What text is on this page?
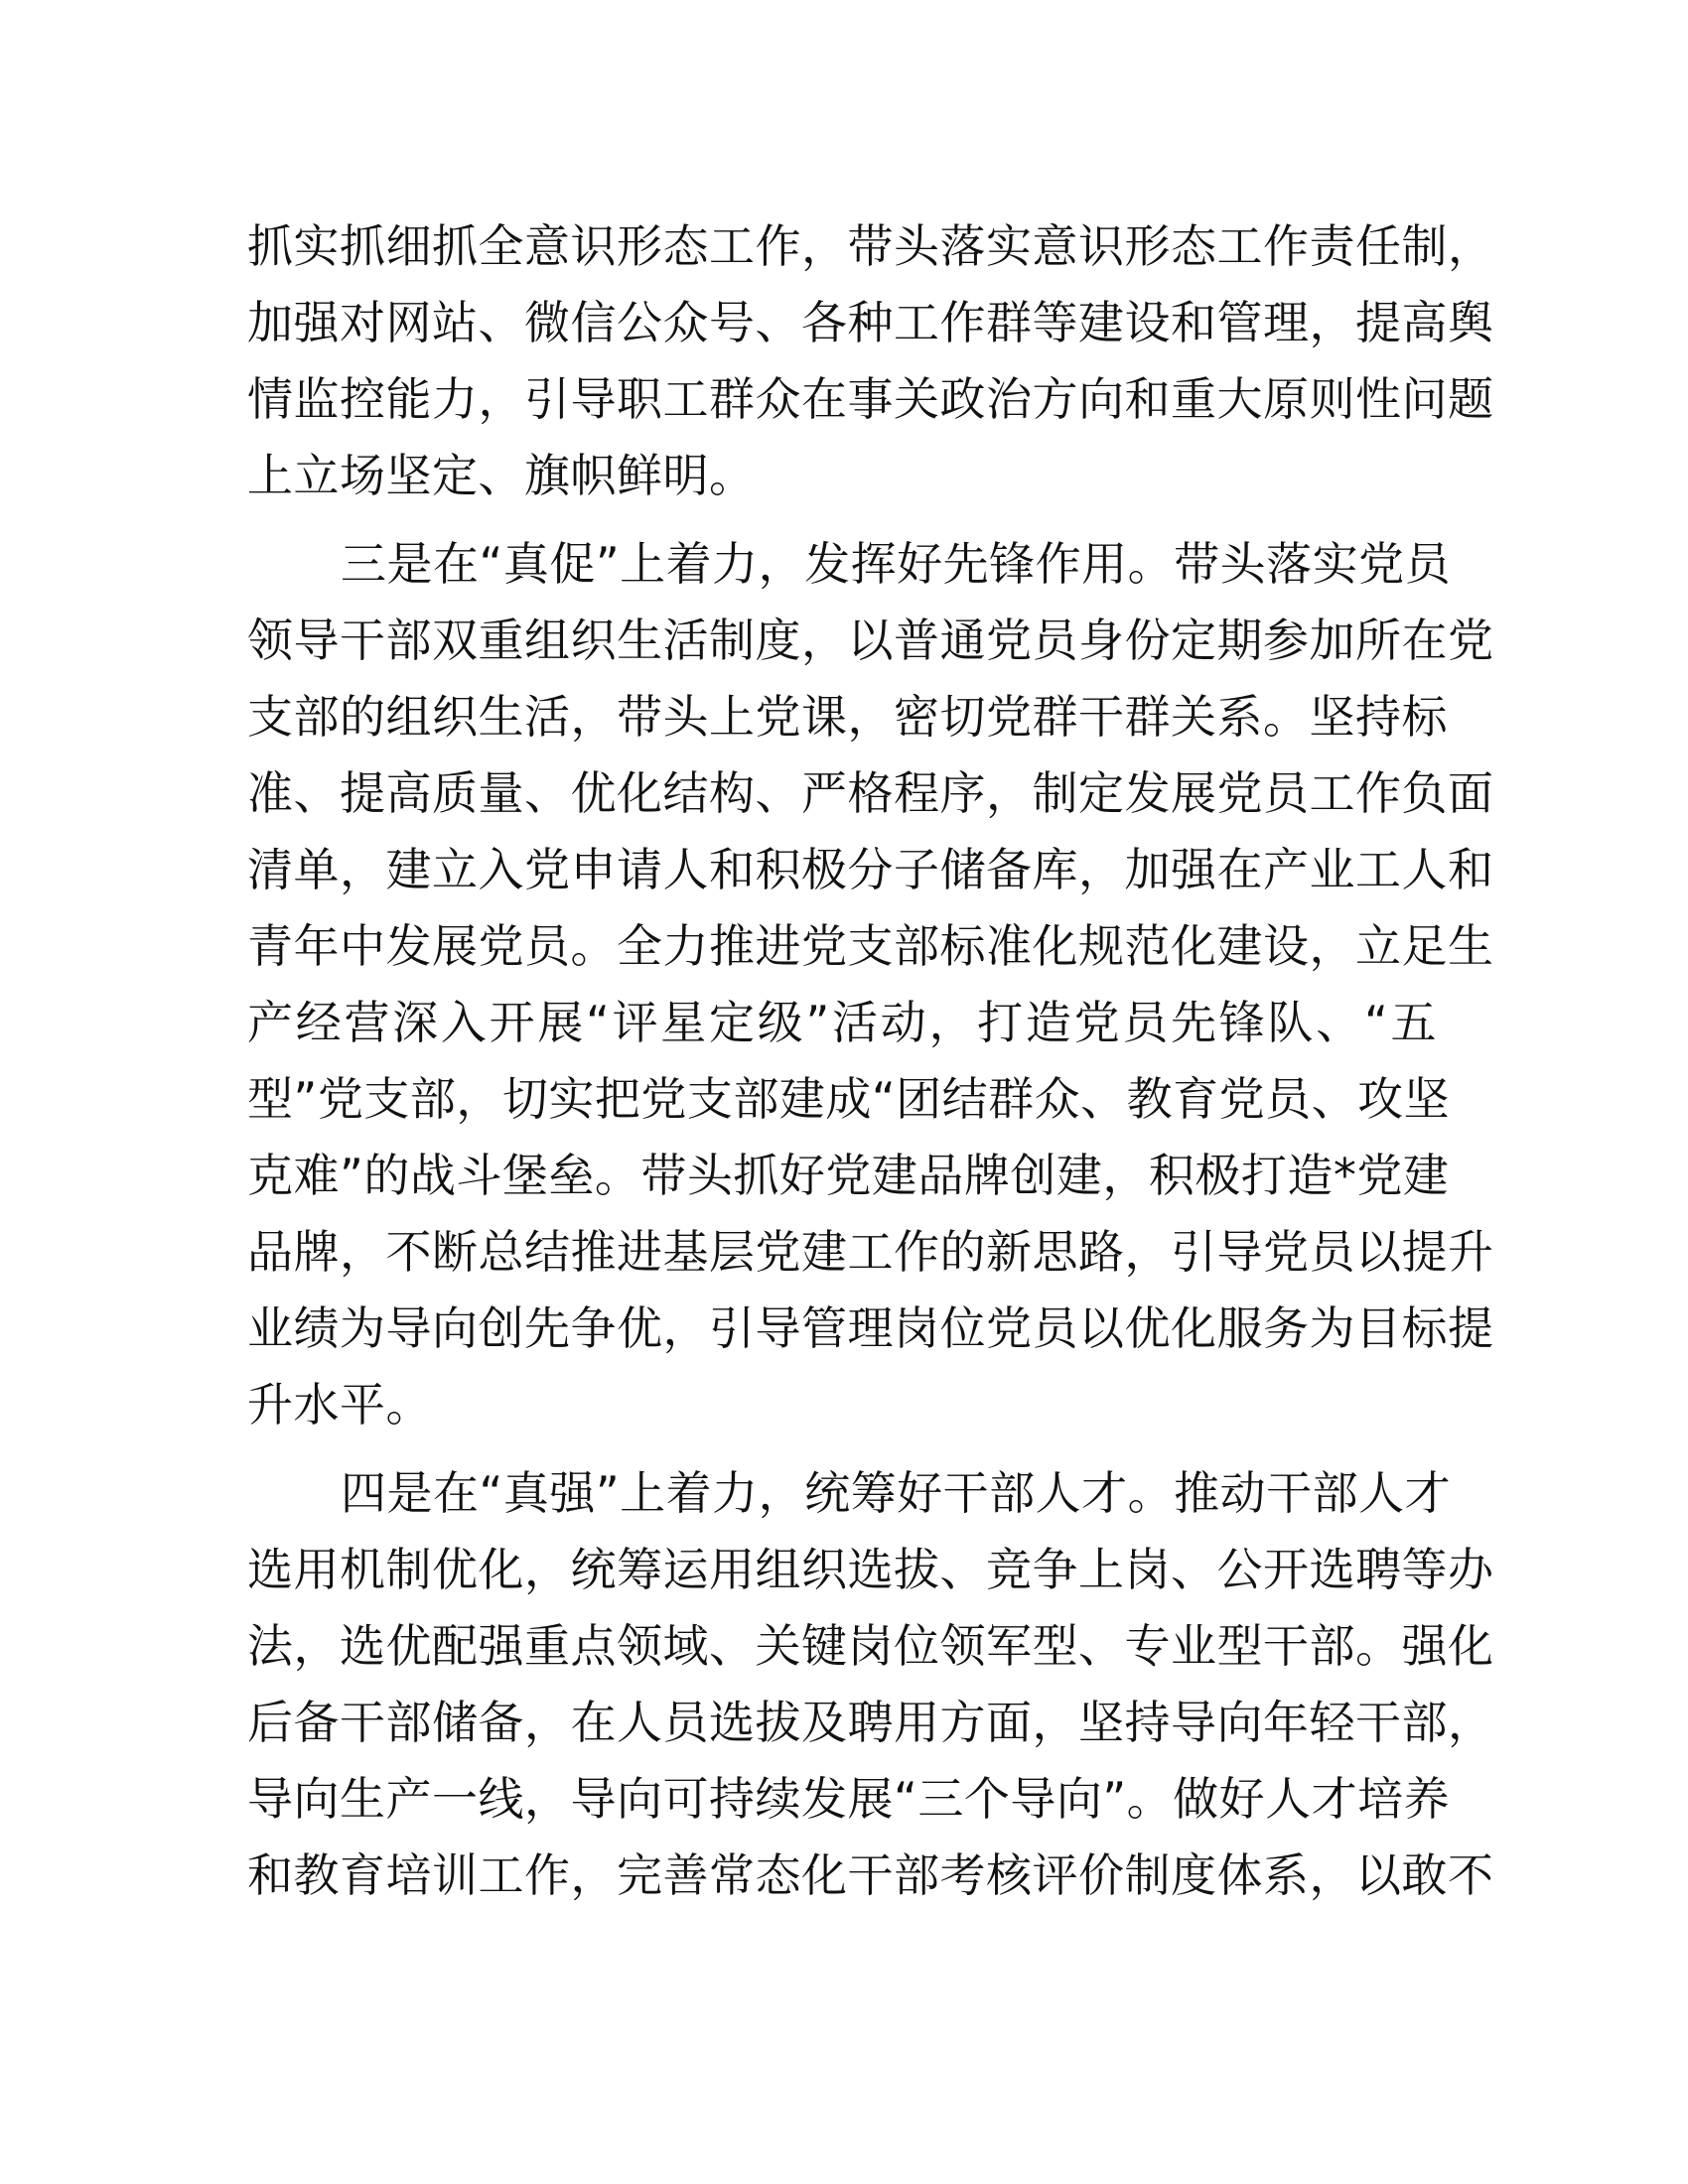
抓实抓细抓全意识形态工作，带头落实意识形态工作责任制，
加强对网站、微信公众号、各种工作群等建设和管理，提高舆
情监控能力，引导职工群众在事关政治方向和重大原则性问题
上立场坚定、旗帜鲜明。
三是在“真促”上着力，发挥好先锋作用。带头落实党员
领导干部双重组织生活制度，以普通党员身份定期参加所在党
支部的组织生活，带头上党课，密切党群干群关系。坚持标
准、提高质量、优化结构、严格程序，制定发展党员工作负面
清单，建立入党申请人和积极分子储备库，加强在产业工人和
青年中发展党员。全力推进党支部标准化规范化建设，立足生
产经营深入开展“评星定级”活动，打造党员先锋队、“五
型”党支部，切实把党支部建成“团结群众、教育党员、攻坚
克难”的战斗堡垒。带头抓好党建品牌创建，积极打造*党建
品牌，不断总结推进基层党建工作的新思路，引导党员以提升
业绩为导向创先争优，引导管理岗位党员以优化服务为目标提
升水平。
四是在“真强”上着力，统筹好干部人才。推动干部人才
选用机制优化，统筹运用组织选拔、竞争上岗、公开选聘等办
法，选优配强重点领域、关键岗位领军型、专业型干部。强化
后备干部储备，在人员选拔及聘用方面，坚持导向年轻干部，
导向生产一线，导向可持续发展“三个导向”。做好人才培养
和教育培训工作，完善常态化干部考核评价制度体系，以敢不
